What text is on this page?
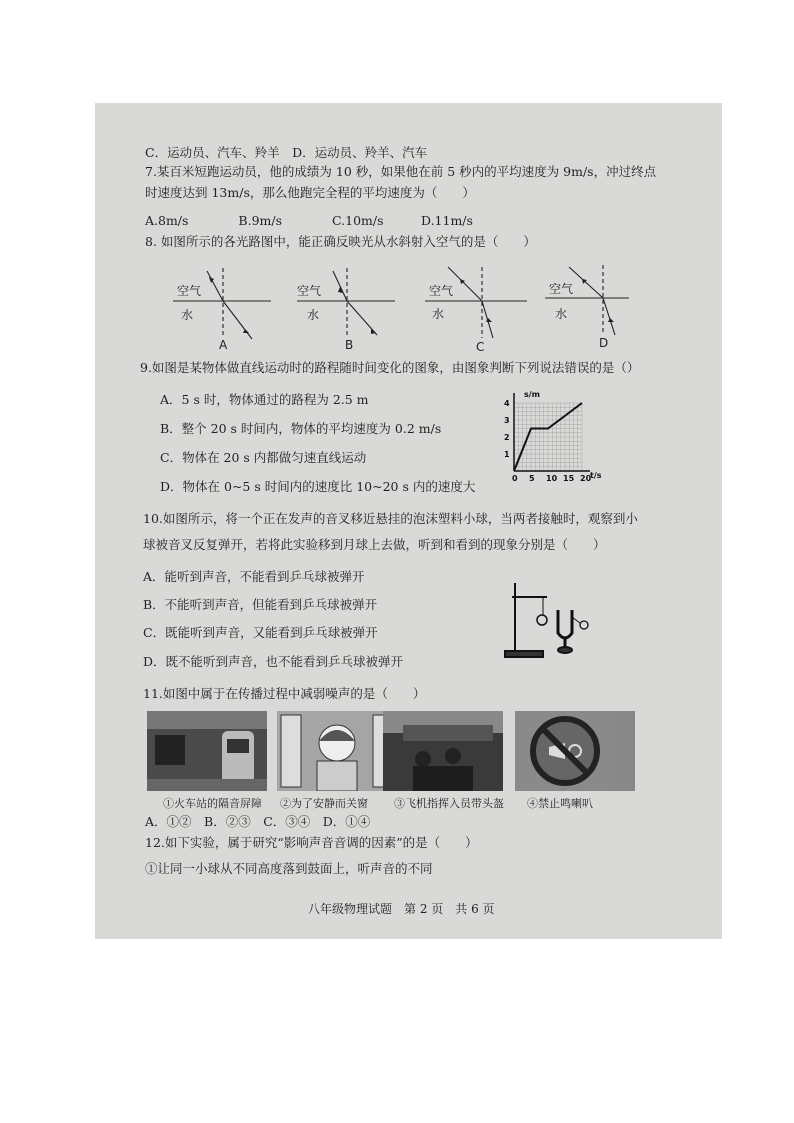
C．运动员、汽车、羚羊　D．运动员、羚羊、汽车
7.某百米短跑运动员，他的成绩为 10 秒，如果他在前 5 秒内的平均速度为 9m/s，冲过终点
时速度达到 13m/s，那么他跑完全程的平均速度为（　　）
A.8m/s　　　　B.9m/s　　　　C.10m/s　　　D.11m/s
8. 如图所示的各光路图中，能正确反映光从水斜射入空气的是（　　）
空气
水
A
空气
水
B
空气
水
C
空气
水
D
9.如图是某物体做直线运动时的路程随时间变化的图象，由图象判断下列说法错误的是（）
A．5 s 时，物体通过的路程为 2.5 m
B．整个 20 s 时间内，物体的平均速度为 0.2 m/s
C．物体在 20 s 内都做匀速直线运动
D．物体在 0~5 s 时间内的速度比 10~20 s 内的速度大
0 5 10 15 20
1
2
3
4
s/m
t/s
10.如图所示，将一个正在发声的音叉移近悬挂的泡沫塑料小球，当两者接触时，观察到小
球被音叉反复弹开，若将此实验移到月球上去做，听到和看到的现象分别是（　　）
A．能听到声音，不能看到乒乓球被弹开
B．不能听到声音，但能看到乒乓球被弹开
C．既能听到声音，又能看到乒乓球被弹开
D．既不能听到声音，也不能看到乒乓球被弹开
11.如图中属于在传播过程中减弱噪声的是（　　）
①火车站的隔音屏障 ②为了安静而关窗 ③飞机指挥入员带头盔 ④禁止鸣喇叭
A．①②　B．②③　C．③④　D．①④
12.如下实验，属于研究“影响声音音调的因素”的是（　　）
①让同一小球从不同高度落到鼓面上，听声音的不同
八年级物理试题　第 2 页　共 6 页
